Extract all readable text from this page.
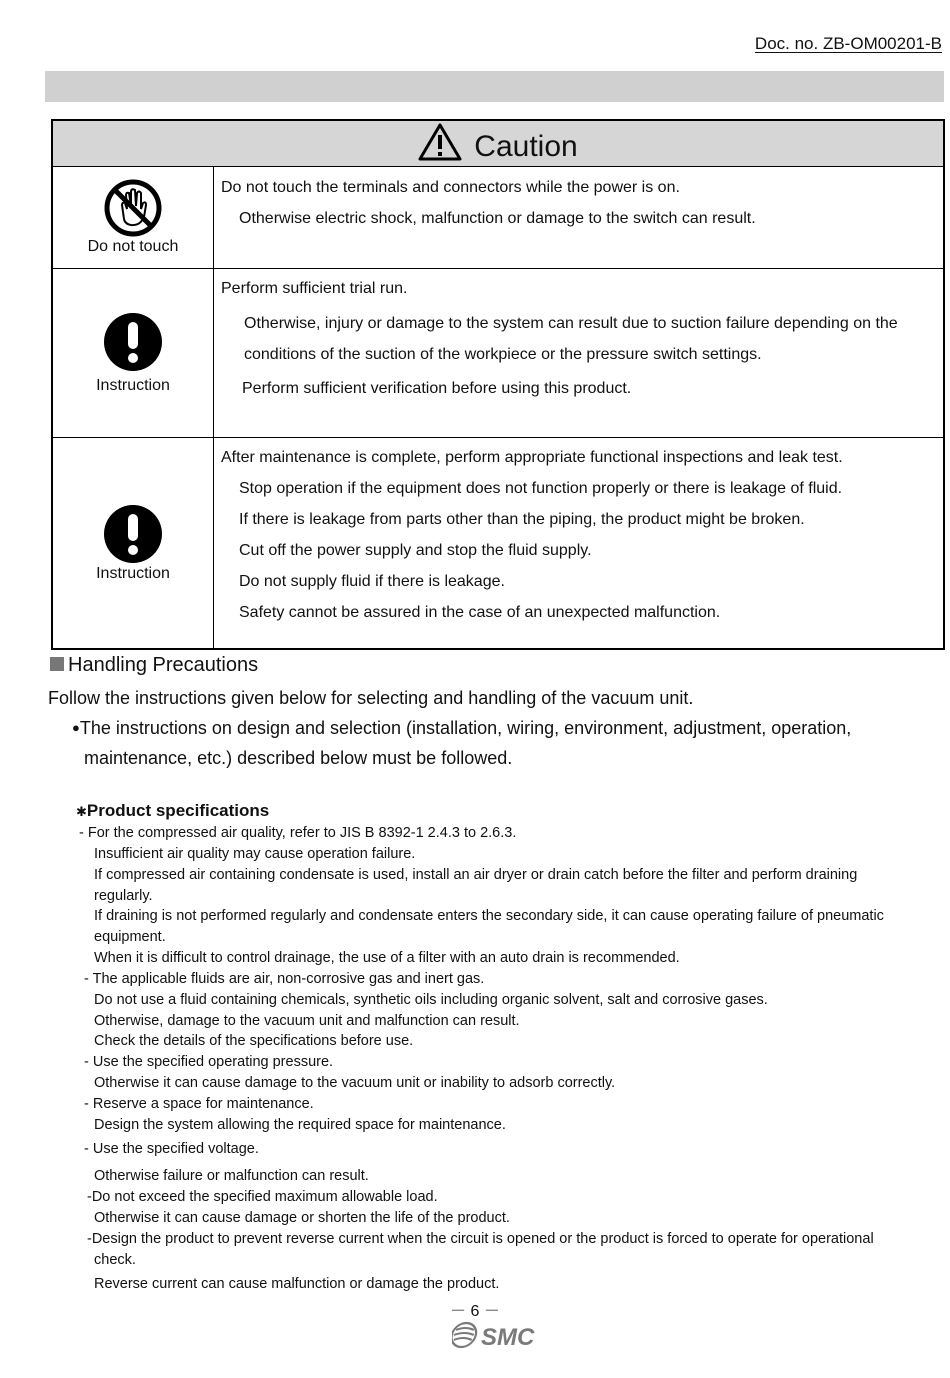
Doc. no. ZB-OM00201-B
Caution
Do not touch
Do not touch the terminals and connectors while the power is on.
Otherwise electric shock, malfunction or damage to the switch can result.
Instruction
Perform sufficient trial run.
Otherwise, injury or damage to the system can result due to suction failure depending on the
conditions of the suction of the workpiece or the pressure switch settings.
Perform sufficient verification before using this product.
Instruction
After maintenance is complete, perform appropriate functional inspections and leak test.
Stop operation if the equipment does not function properly or there is leakage of fluid.
If there is leakage from parts other than the piping, the product might be broken.
Cut off the power supply and stop the fluid supply.
Do not supply fluid if there is leakage.
Safety cannot be assured in the case of an unexpected malfunction.
Handling Precautions
Follow the instructions given below for selecting and handling of the vacuum unit.
●The instructions on design and selection (installation, wiring, environment, adjustment, operation,
maintenance, etc.) described below must be followed.
✱Product specifications
- For the compressed air quality, refer to JIS B 8392-1 2.4.3 to 2.6.3.
Insufficient air quality may cause operation failure.
If compressed air containing condensate is used, install an air dryer or drain catch before the filter and perform draining
regularly.
If draining is not performed regularly and condensate enters the secondary side, it can cause operating failure of pneumatic
equipment.
When it is difficult to control drainage, the use of a filter with an auto drain is recommended.
- The applicable fluids are air, non-corrosive gas and inert gas.
Do not use a fluid containing chemicals, synthetic oils including organic solvent, salt and corrosive gases.
Otherwise, damage to the vacuum unit and malfunction can result.
Check the details of the specifications before use.
- Use the specified operating pressure.
Otherwise it can cause damage to the vacuum unit or inability to adsorb correctly.
- Reserve a space for maintenance.
Design the system allowing the required space for maintenance.
- Use the specified voltage.
Otherwise failure or malfunction can result.
-Do not exceed the specified maximum allowable load.
Otherwise it can cause damage or shorten the life of the product.
-Design the product to prevent reverse current when the circuit is opened or the product is forced to operate for operational
check.
Reverse current can cause malfunction or damage the product.
－ 6 －
SMC
